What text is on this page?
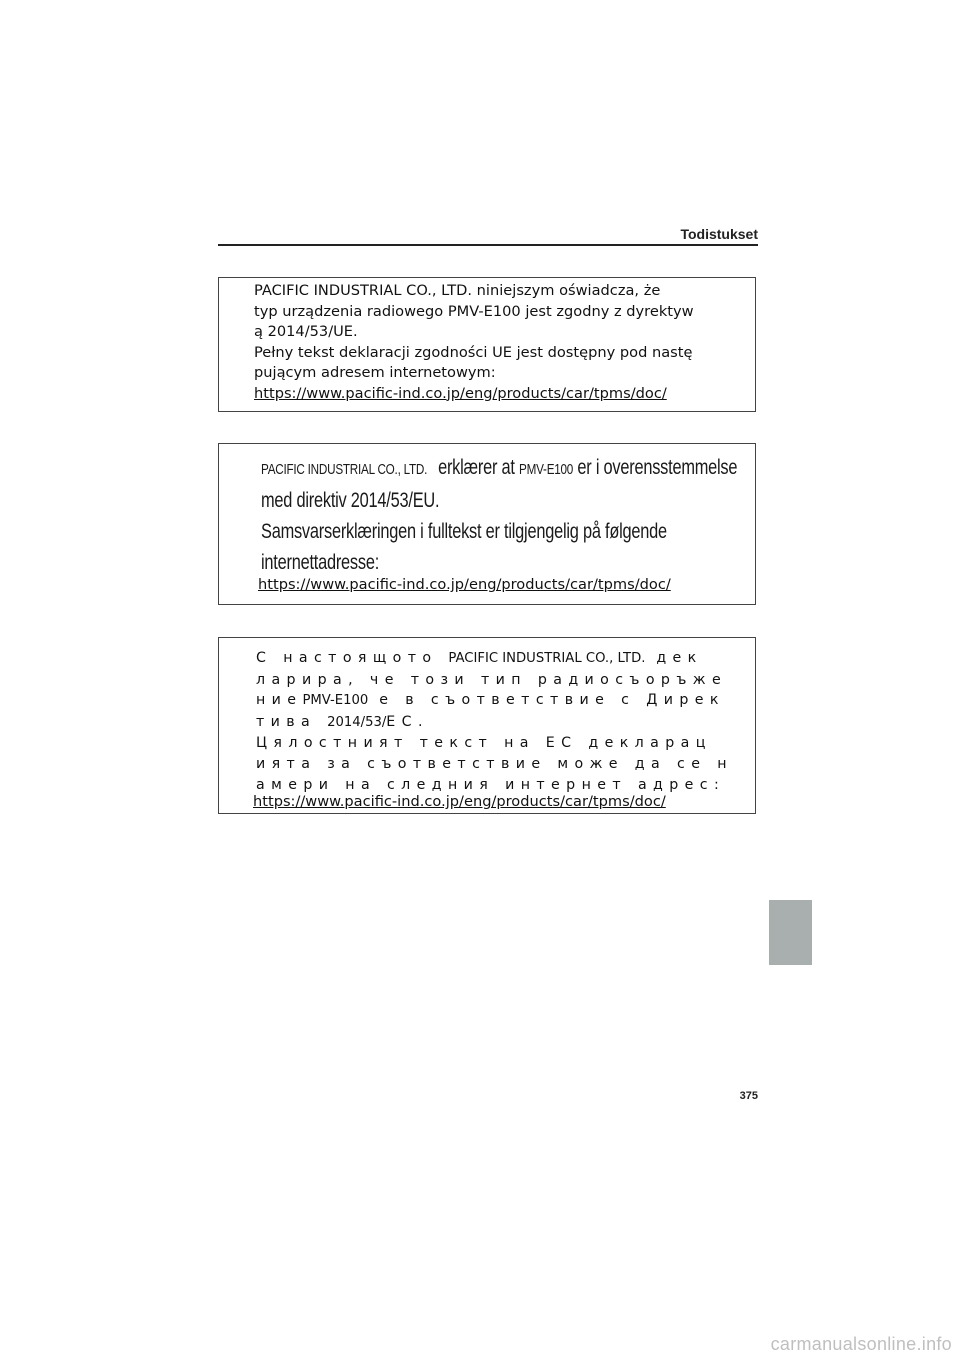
Todistukset
PACIFIC INDUSTRIAL CO., LTD. niniejszym oświadcza, że
typ urządzenia radiowego PMV-E100 jest zgodny z dyrektyw
ą 2014/53/UE.
Pełny tekst deklaracji zgodności UE jest dostępny pod nastę
pującym adresem internetowym:
https://www.pacific-ind.co.jp/eng/products/car/tpms/doc/
PACIFIC INDUSTRIAL CO., LTD. erklærer at PMV-E100 er i overensstemmelse
med direktiv 2014/53/EU.
Samsvarserklæringen i fulltekst er tilgjengelig på følgende
internettadresse:
https://www.pacific-ind.co.jp/eng/products/car/tpms/doc/
С настоящото PACIFIC INDUSTRIAL CO., LTD. дек
ларира, че този тип радиосъоръже
ниеPMV-E100 е в съответствие с Дирек
тива 2014/53/ЕС.
Цялостният текст на ЕС декларац
ията за съответствие може да се н
амери на следния интернет адрес:
https://www.pacific-ind.co.jp/eng/products/car/tpms/doc/
375
carmanualsonline.info
